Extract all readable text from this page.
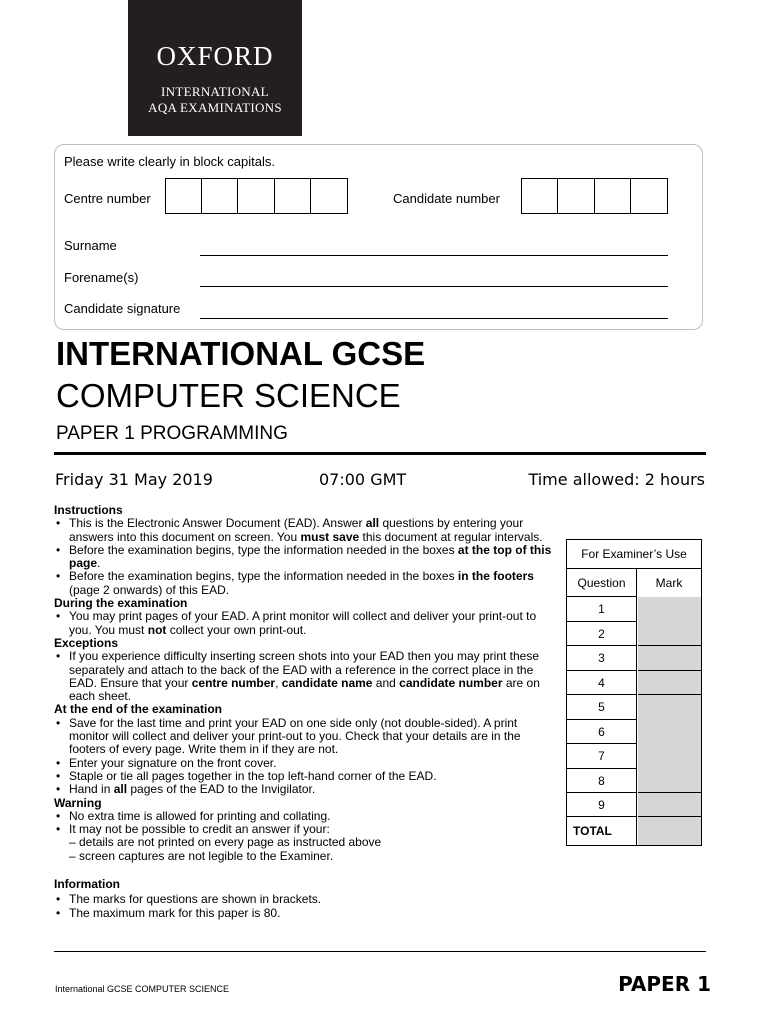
OXFORD
INTERNATIONAL
AQA EXAMINATIONS
Please write clearly in block capitals.
Centre number	Candidate number
Surname
Forename(s)
Candidate signature
INTERNATIONAL GCSE
COMPUTER SCIENCE
PAPER 1 PROGRAMMING
Friday 31 May 2019	07:00 GMT	Time allowed: 2 hours
Instructions
• This is the Electronic Answer Document (EAD). Answer all questions by entering your answers into this document on screen. You must save this document at regular intervals.
• Before the examination begins, type the information needed in the boxes at the top of this page.
• Before the examination begins, type the information needed in the boxes in the footers (page 2 onwards) of this EAD.
During the examination
• You may print pages of your EAD. A print monitor will collect and deliver your print-out to you. You must not collect your own print-out.
Exceptions
• If you experience difficulty inserting screen shots into your EAD then you may print these separately and attach to the back of the EAD with a reference in the correct place in the EAD. Ensure that your centre number, candidate name and candidate number are on each sheet.
At the end of the examination
• Save for the last time and print your EAD on one side only (not double-sided). A print monitor will collect and deliver your print-out to you. Check that your details are in the footers of every page. Write them in if they are not.
• Enter your signature on the front cover.
• Staple or tie all pages together in the top left-hand corner of the EAD.
• Hand in all pages of the EAD to the Invigilator.
Warning
• No extra time is allowed for printing and collating.
• It may not be possible to credit an answer if your:
– details are not printed on every page as instructed above
– screen captures are not legible to the Examiner.
Information
• The marks for questions are shown in brackets.
• The maximum mark for this paper is 80.
For Examiner’s Use
Question	Mark
1
2
3
4
5
6
7
8
9
TOTAL
International GCSE COMPUTER SCIENCE	PAPER 1
